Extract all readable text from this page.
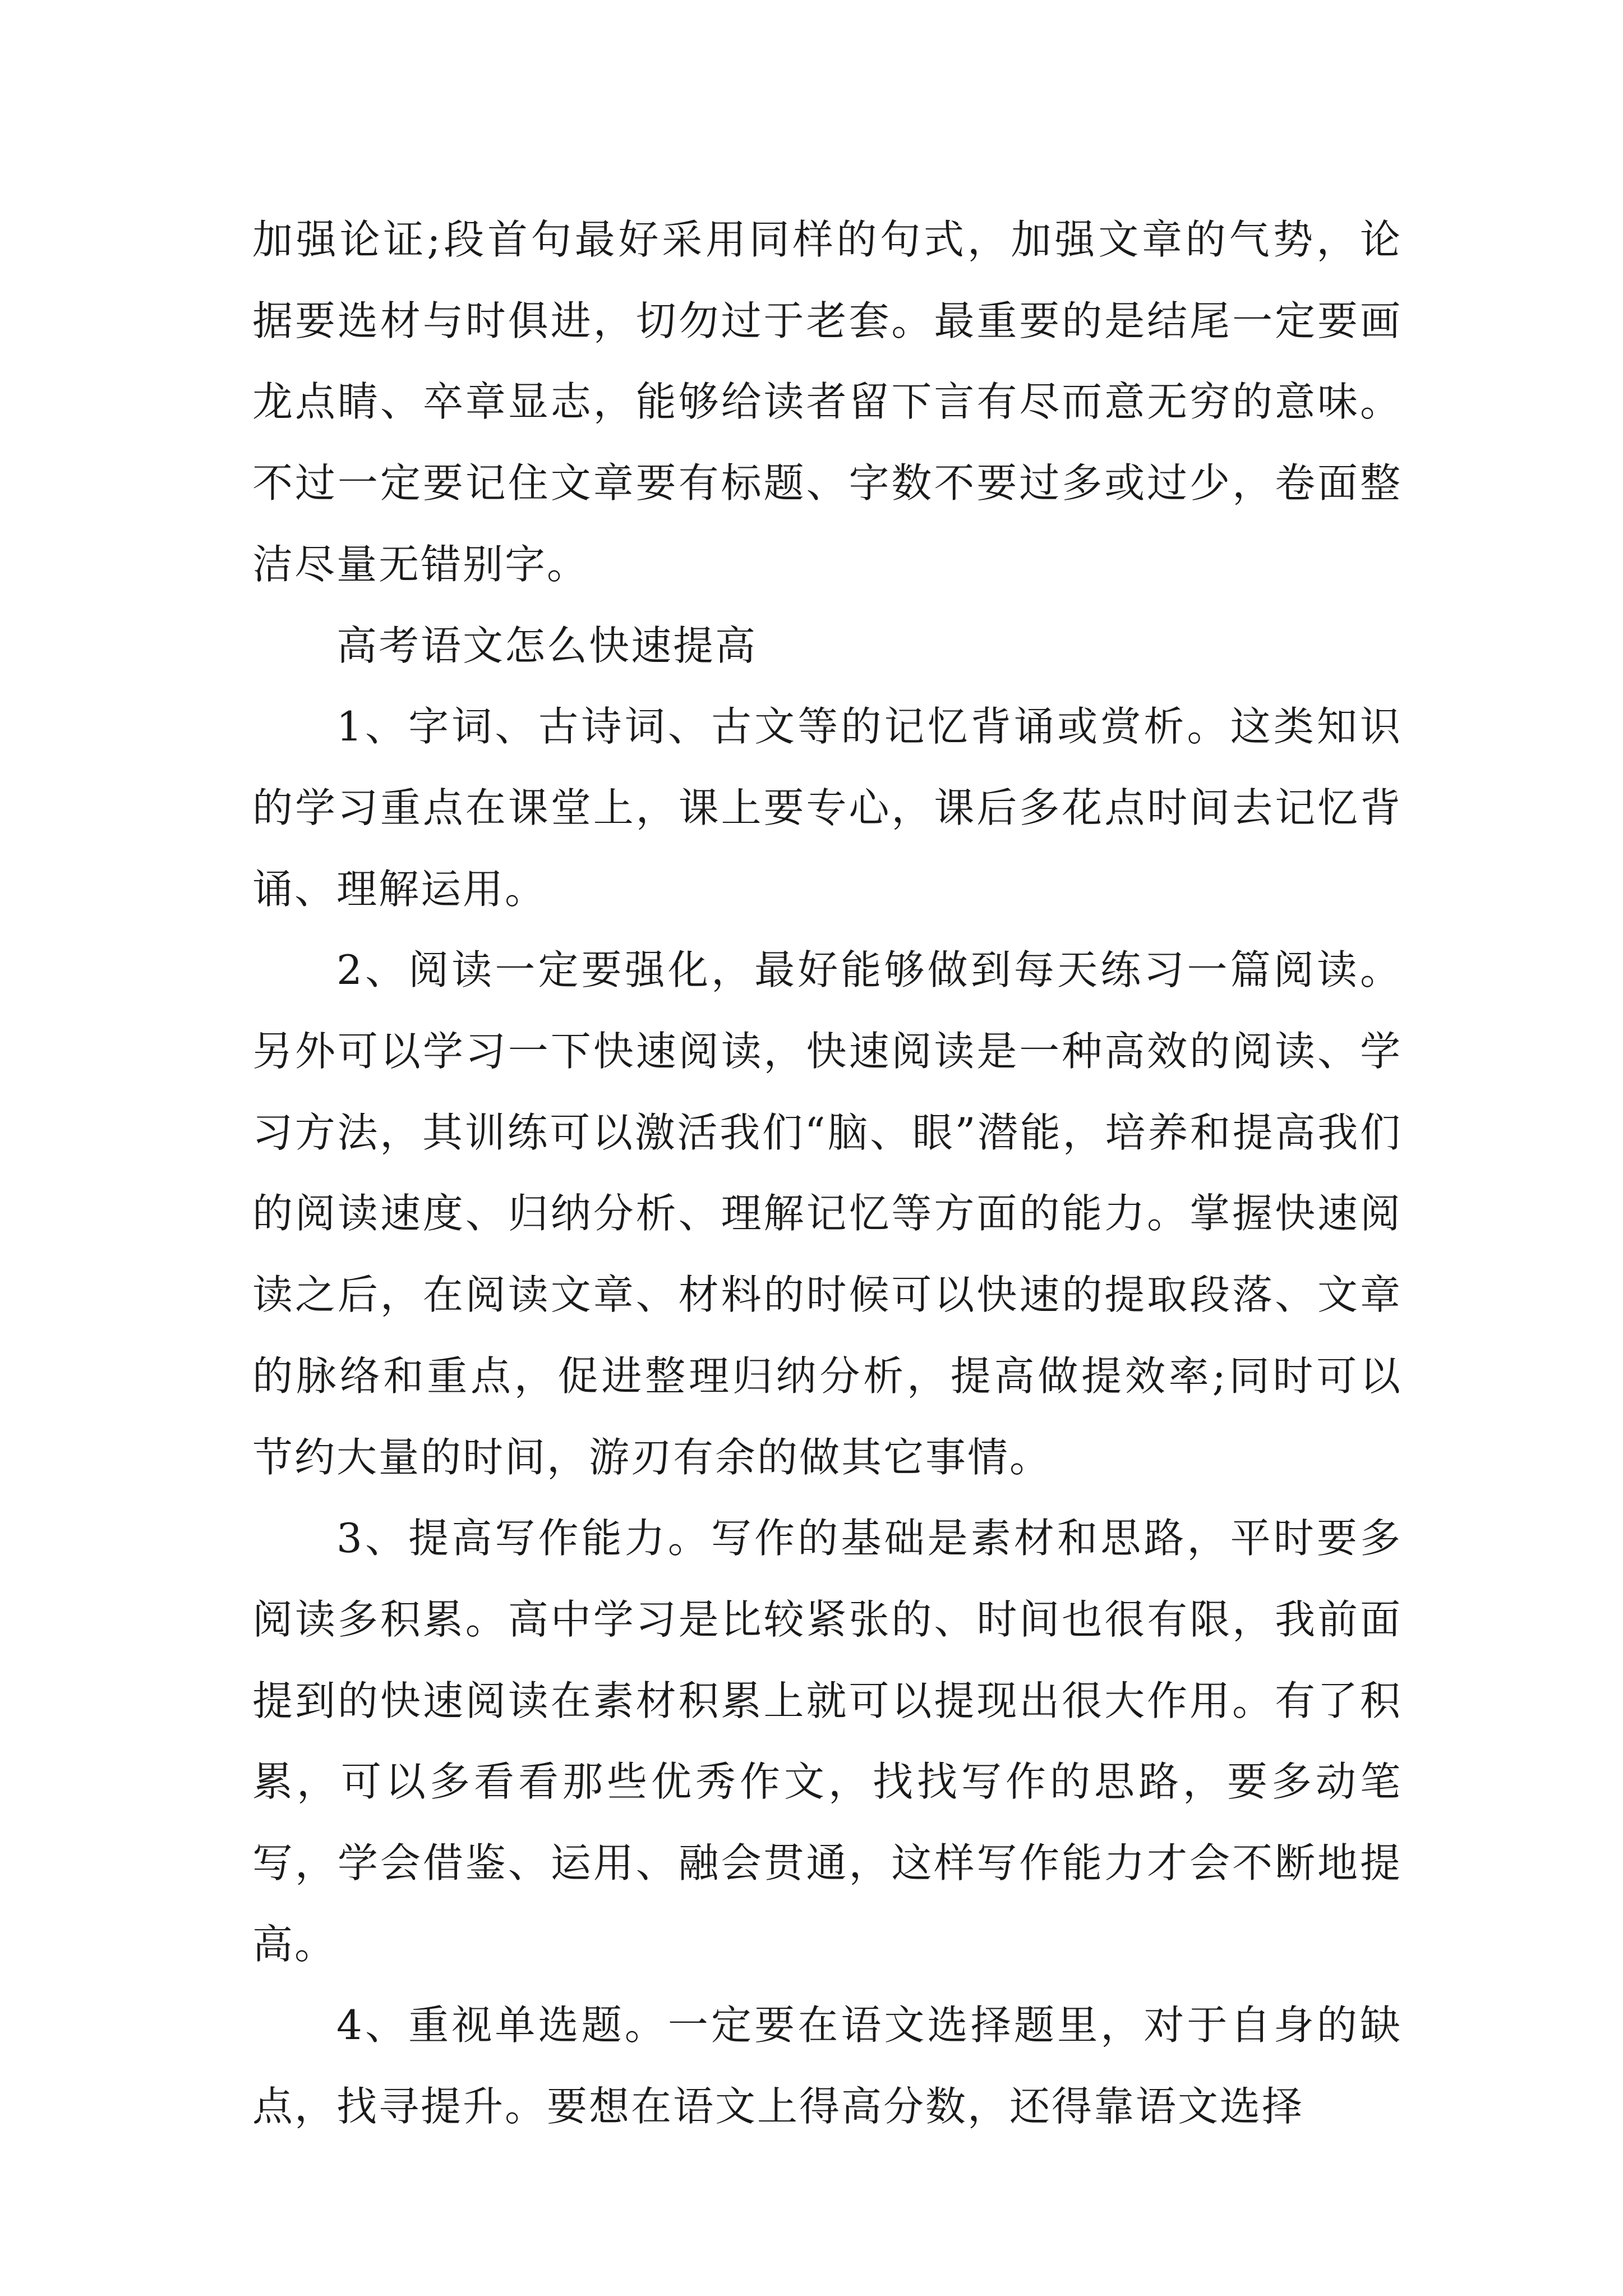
加强论证;段首句最好采用同样的句式，加强文章的气势，论据要选材与时俱进，切勿过于老套。最重要的是结尾一定要画龙点睛、卒章显志，能够给读者留下言有尽而意无穷的意味。不过一定要记住文章要有标题、字数不要过多或过少，卷面整洁尽量无错别字。

高考语文怎么快速提高

1、字词、古诗词、古文等的记忆背诵或赏析。这类知识的学习重点在课堂上，课上要专心，课后多花点时间去记忆背诵、理解运用。

2、阅读一定要强化，最好能够做到每天练习一篇阅读。另外可以学习一下快速阅读，快速阅读是一种高效的阅读、学习方法，其训练可以激活我们“脑、眼”潜能，培养和提高我们的阅读速度、归纳分析、理解记忆等方面的能力。掌握快速阅读之后，在阅读文章、材料的时候可以快速的提取段落、文章的脉络和重点，促进整理归纳分析，提高做提效率;同时可以节约大量的时间，游刃有余的做其它事情。

3、提高写作能力。写作的基础是素材和思路，平时要多阅读多积累。高中学习是比较紧张的、时间也很有限，我前面提到的快速阅读在素材积累上就可以提现出很大作用。有了积累，可以多看看那些优秀作文，找找写作的思路，要多动笔写，学会借鉴、运用、融会贯通，这样写作能力才会不断地提高。

4、重视单选题。一定要在语文选择题里，对于自身的缺点，找寻提升。要想在语文上得高分数，还得靠语文选择
